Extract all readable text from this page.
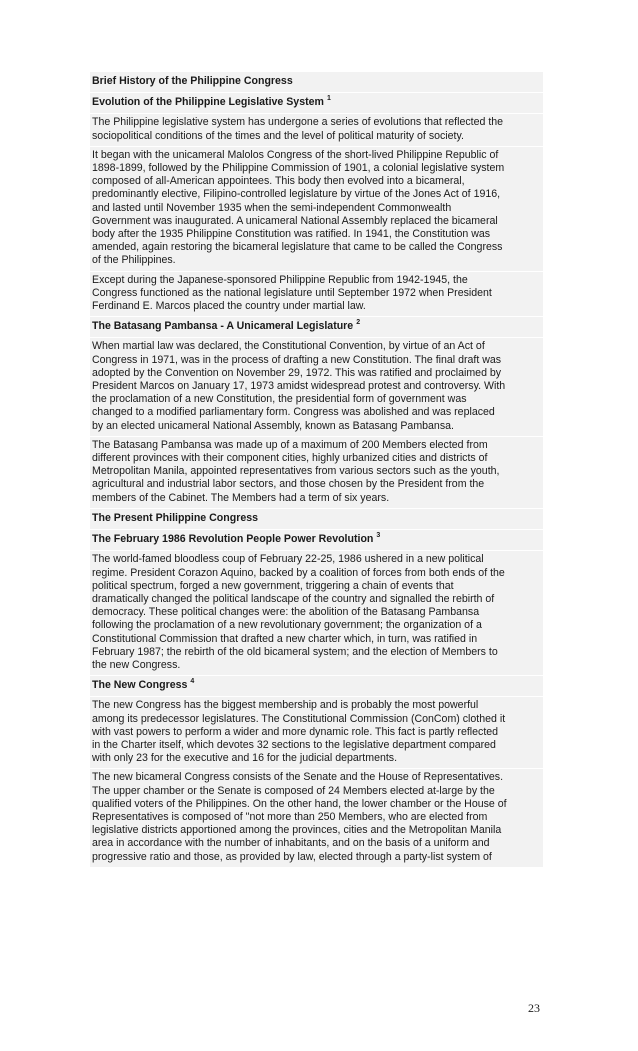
Brief History of the Philippine Congress
Evolution of the Philippine Legislative System $^1$
The Philippine legislative system has undergone a series of evolutions that reflected the
sociopolitical conditions of the times and the level of political maturity of society.
It began with the unicameral Malolos Congress of the short-lived Philippine Republic of
1898-1899, followed by the Philippine Commission of 1901, a colonial legislative system
composed of all-American appointees. This body then evolved into a bicameral,
predominantly elective, Filipino-controlled legislature by virtue of the Jones Act of 1916,
and lasted until November 1935 when the semi-independent Commonwealth
Government was inaugurated. A unicameral National Assembly replaced the bicameral
body after the 1935 Philippine Constitution was ratified. In 1941, the Constitution was
amended, again restoring the bicameral legislature that came to be called the Congress
of the Philippines.
Except during the Japanese-sponsored Philippine Republic from 1942-1945, the
Congress functioned as the national legislature until September 1972 when President
Ferdinand E. Marcos placed the country under martial law.
The Batasang Pambansa - A Unicameral Legislature $^2$
When martial law was declared, the Constitutional Convention, by virtue of an Act of
Congress in 1971, was in the process of drafting a new Constitution. The final draft was
adopted by the Convention on November 29, 1972. This was ratified and proclaimed by
President Marcos on January 17, 1973 amidst widespread protest and controversy. With
the proclamation of a new Constitution, the presidential form of government was
changed to a modified parliamentary form. Congress was abolished and was replaced
by an elected unicameral National Assembly, known as Batasang Pambansa.
The Batasang Pambansa was made up of a maximum of 200 Members elected from
different provinces with their component cities, highly urbanized cities and districts of
Metropolitan Manila, appointed representatives from various sectors such as the youth,
agricultural and industrial labor sectors, and those chosen by the President from the
members of the Cabinet. The Members had a term of six years.
The Present Philippine Congress
The February 1986 Revolution People Power Revolution $^3$
The world-famed bloodless coup of February 22-25, 1986 ushered in a new political
regime. President Corazon Aquino, backed by a coalition of forces from both ends of the
political spectrum, forged a new government, triggering a chain of events that
dramatically changed the political landscape of the country and signalled the rebirth of
democracy. These political changes were: the abolition of the Batasang Pambansa
following the proclamation of a new revolutionary government; the organization of a
Constitutional Commission that drafted a new charter which, in turn, was ratified in
February 1987; the rebirth of the old bicameral system; and the election of Members to
the new Congress.
The New Congress $^4$
The new Congress has the biggest membership and is probably the most powerful
among its predecessor legislatures. The Constitutional Commission (ConCom) clothed it
with vast powers to perform a wider and more dynamic role. This fact is partly reflected
in the Charter itself, which devotes 32 sections to the legislative department compared
with only 23 for the executive and 16 for the judicial departments.
The new bicameral Congress consists of the Senate and the House of Representatives.
The upper chamber or the Senate is composed of 24 Members elected at-large by the
qualified voters of the Philippines. On the other hand, the lower chamber or the House of
Representatives is composed of "not more than 250 Members, who are elected from
legislative districts apportioned among the provinces, cities and the Metropolitan Manila
area in accordance with the number of inhabitants, and on the basis of a uniform and
progressive ratio and those, as provided by law, elected through a party-list system of
23
